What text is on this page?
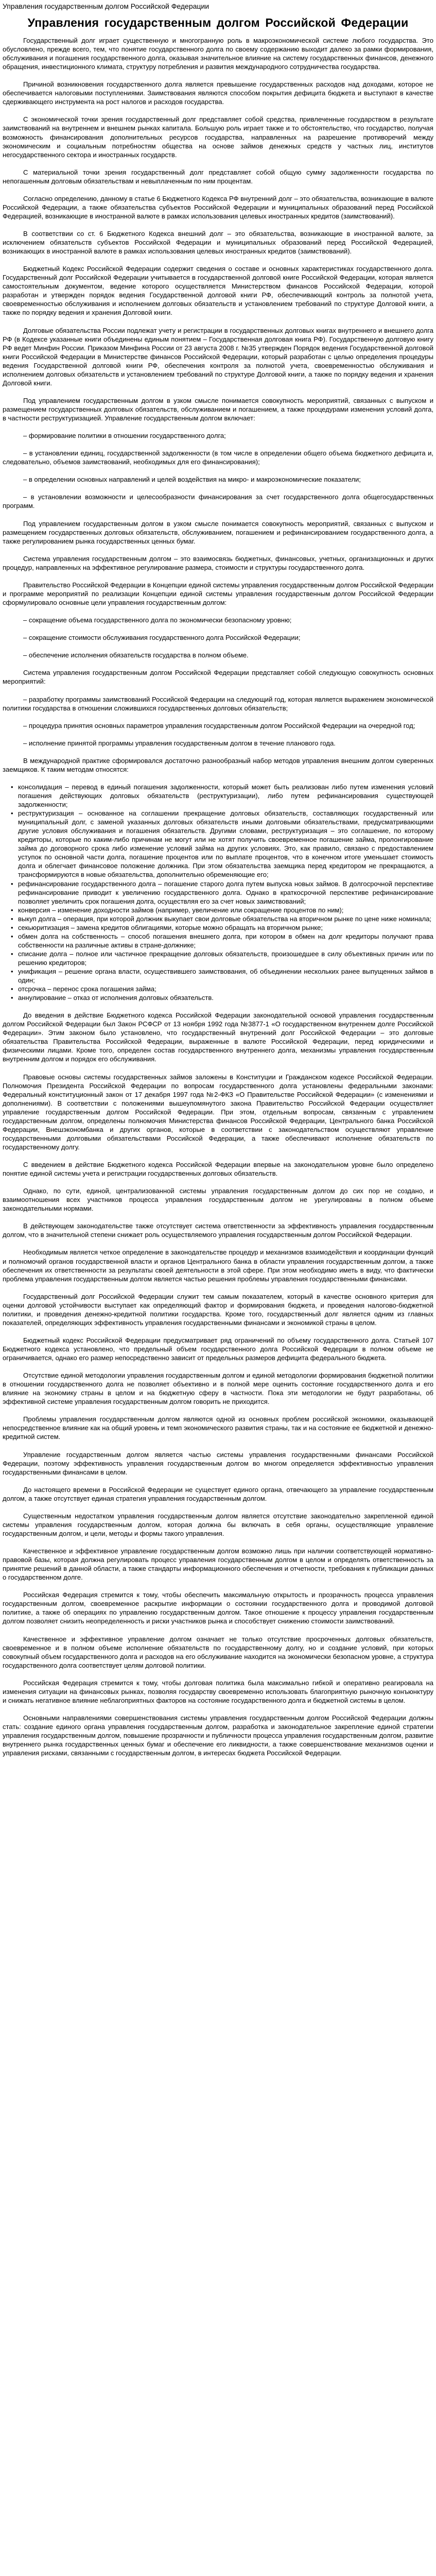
Управления государственным долгом Российской Федерации
Управления государственным долгом Российской Федерации

Государственный долг играет существенную и многогранную роль в макроэкономической системе любого государства. Это обусловлено, прежде всего, тем, что понятие государственного долга по своему содержанию выходит далеко за рамки формирования, обслуживания и погашения государственного долга, оказывая значительное влияние на систему государственных финансов, денежного обращения, инвестиционного климата, структуру потребления и развития международного сотрудничества государства.

Причиной возникновения государственного долга является превышение государственных расходов над доходами, которое не обеспечивается налоговыми поступлениями. Заимствования являются способом покрытия дефицита бюджета и выступают в качестве сдерживающего инструмента на рост налогов и расходов государства.

С экономической точки зрения государственный долг представляет собой средства, привлеченные государством в результате заимствований на внутреннем и внешнем рынках капитала. Большую роль играет также и то обстоятельство, что государство, получая возможность финансирования дополнительных ресурсов государства, направленных на разрешение противоречий между экономическим и социальным потребностям общества на основе займов денежных средств у частных лиц, институтов негосударственного сектора и иностранных государств.

С материальной точки зрения государственный долг представляет собой общую сумму задолженности государства по непогашенным долговым обязательствам и невыплаченным по ним процентам.

Согласно определению, данному в статье 6 Бюджетного Кодекса РФ внутренний долг – это обязательства, возникающие в валюте Российской Федерации, а также обязательства субъектов Российской Федерации и муниципальных образований перед Российской Федерацией, возникающие в иностранной валюте в рамках использования целевых иностранных кредитов (заимствований).

В соответствии со ст. 6 Бюджетного Кодекса внешний долг – это обязательства, возникающие в иностранной валюте, за исключением обязательств субъектов Российской Федерации и муниципальных образований перед Российской Федерацией, возникающих в иностранной валюте в рамках использования целевых иностранных кредитов (заимствований).

Бюджетный Кодекс Российской Федерации содержит сведения о составе и основных характеристиках государственного долга. Государственный долг Российской Федерации учитывается в государственной долговой книге Российской Федерации, которая является самостоятельным документом, ведение которого осуществляется Министерством финансов Российской Федерации, которой разработан и утвержден порядок ведения Государственной долговой книги РФ, обеспечивающий контроль за полнотой учета, своевременностью обслуживания и исполнением долговых обязательств и установлением требований по структуре Долговой книги, а также по порядку ведения и хранения Долговой книги.

Долговые обязательства России подлежат учету и регистрации в государственных долговых книгах внутреннего и внешнего долга РФ (в Кодексе указанные книги объединены единым понятием – Государственная долговая книга РФ). Государственную долговую книгу РФ ведет Минфин России. Приказом Минфина России от 23 августа 2008 г. №35 утвержден Порядок ведения Государственной долговой книги Российской Федерации в Министерстве финансов Российской Федерации, который разработан с целью определения процедуры ведения Государственной долговой книги РФ, обеспечения контроля за полнотой учета, своевременностью обслуживания и исполнением долговых обязательств и установлением требований по структуре Долговой книги, а также по порядку ведения и хранения Долговой книги.

Под управлением государственным долгом в узком смысле понимается совокупность мероприятий, связанных с выпуском и размещением государственных долговых обязательств, обслуживанием и погашением, а также процедурами изменения условий долга, в частности реструктуризацией. Управление государственным долгом включает:

– формирование политики в отношении государственного долга;

– в установлении единиц, государственной задолженности (в том числе в определении общего объема бюджетного дефицита и, следовательно, объемов заимствований, необходимых для его финансирования);

– в определении основных направлений и целей воздействия на микро- и макроэкономические показатели;

– в установлении возможности и целесообразности финансирования за счет государственного долга общегосударственных программ.

Под управлением государственным долгом в узком смысле понимается совокупность мероприятий, связанных с выпуском и размещением государственных долговых обязательств, обслуживанием, погашением и рефинансированием государственного долга, а также регулированием рынка государственных ценных бумаг.

Система управления государственным долгом – это взаимосвязь бюджетных, финансовых, учетных, организационных и других процедур, направленных на эффективное регулирование размера, стоимости и структуры государственного долга.

Правительство Российской Федерации в Концепции единой системы управления государственным долгом Российской Федерации и программе мероприятий по реализации Концепции единой системы управления государственным долгом Российской Федерации сформулировало основные цели управления государственным долгом:

– сокращение объема государственного долга по экономически безопасному уровню;

– сокращение стоимости обслуживания государственного долга Российской Федерации;

– обеспечение исполнения обязательств государства в полном объеме.

Система управления государственным долгом Российской Федерации представляет собой следующую совокупность основных мероприятий:

– разработку программы заимствований Российской Федерации на следующий год, которая является выражением экономической политики государства в отношении сложившихся государственных долговых обязательств;

– процедура принятия основных параметров управления государственным долгом Российской Федерации на очередной год;

– исполнение принятой программы управления государственным долгом в течение планового года.

В международной практике сформировался достаточно разнообразный набор методов управления внешним долгом суверенных заемщиков. К таким методам относятся:

• консолидация – перевод в единый погашения задолженности, который может быть реализован либо путем изменения условий погашения действующих долговых обязательств (реструктуризации), либо путем рефинансирования существующей задолженности;
• реструктуризация – основанное на соглашении прекращение долговых обязательств, составляющих государственный или муниципальный долг, с заменой указанных долговых обязательств иными долговыми обязательствами, предусматривающими другие условия обслуживания и погашения обязательств. Другими словами, реструктуризация – это соглашение, по которому кредиторы, которые по каким-либо причинам не могут или не хотят получить своевременное погашение займа, пролонгирование займа до договорного срока либо изменение условий займа на других условиях. Это, как правило, связано с предоставлением уступок по основной части долга, погашение процентов или по выплате процентов, что в конечном итоге уменьшает стоимость долга и облегчает финансовое положение должника. При этом обязательства заемщика перед кредитором не прекращаются, а трансформируются в новые обязательства, дополнительно обременяющие его;
• рефинансирование государственного долга – погашение старого долга путем выпуска новых займов. В долгосрочной перспективе рефинансирование приводит к увеличению государственного долга. Однако в краткосрочной перспективе рефинансирование позволяет увеличить срок погашения долга, осуществляя его за счет новых заимствований;
• конверсия – изменение доходности займов (например, увеличение или сокращение процентов по ним);
• выкуп долга – операция, при которой должник выкупает свои долговые обязательства на вторичном рынке по цене ниже номинала;
• секьюритизация – замена кредитов облигациями, которые можно обращать на вторичном рынке;
• обмен долга на собственность – способ погашения внешнего долга, при котором в обмен на долг кредиторы получают права собственности на различные активы в стране-должнике;
• списание долга – полное или частичное прекращение долговых обязательств, произошедшее в силу объективных причин или по решению кредиторов;
• унификация – решение органа власти, осуществившего заимствования, об объединении нескольких ранее выпущенных займов в один;
• отсрочка – перенос срока погашения займа;
• аннулирование – отказ от исполнения долговых обязательств.

До введения в действие Бюджетного кодекса Российской Федерации законодательной основой управления государственным долгом Российской Федерации был Закон РСФСР от 13 ноября 1992 года №3877-1 «О государственном внутреннем долге Российской Федерации». Этим законом было установлено, что государственный внутренний долг Российской Федерации – это долговые обязательства Правительства Российской Федерации, выраженные в валюте Российской Федерации, перед юридическими и физическими лицами. Кроме того, определен состав государственного внутреннего долга, механизмы управления государственным внутренним долгом и порядок его обслуживания.

Правовые основы системы государственных займов заложены в Конституции и Гражданском кодексе Российской Федерации. Полномочия Президента Российской Федерации по вопросам государственного долга установлены федеральными законами: Федеральный конституционный закон от 17 декабря 1997 года №2-ФКЗ «О Правительстве Российской Федерации» (с изменениями и дополнениями). В соответствии с положениями вышеупомянутого закона Правительство Российской Федерации осуществляет управление государственным долгом Российской Федерации. При этом, отдельным вопросам, связанным с управлением государственным долгом, определены полномочия Министерства финансов Российской Федерации, Центрального банка Российской Федерации, Внешэкономбанка и других органов, которые в соответствии с законодательством осуществляют управление государственными долговыми обязательствами Российской Федерации, а также обеспечивают исполнение обязательств по государственному долгу.

С введением в действие Бюджетного кодекса Российской Федерации впервые на законодательном уровне было определено понятие единой системы учета и регистрации государственных долговых обязательств.

Однако, по сути, единой, централизованной системы управления государственным долгом до сих пор не создано, и взаимоотношения всех участников процесса управления государственным долгом не урегулированы в полном объеме законодательными нормами.

В действующем законодательстве также отсутствует система ответственности за эффективность управления государственным долгом, что в значительной степени снижает роль осуществляемого управления государственным долгом Российской Федерации.

Необходимым является четкое определение в законодательстве процедур и механизмов взаимодействия и координации функций и полномочий органов государственной власти и органов Центрального банка в области управления государственным долгом, а также обеспечения их ответственности за результаты своей деятельности в этой сфере. При этом необходимо иметь в виду, что фактически проблема управления государственным долгом является частью решения проблемы управления государственными финансами.

Государственный долг Российской Федерации служит тем самым показателем, который в качестве основного критерия для оценки долговой устойчивости выступает как определяющий фактор и формирования бюджета, и проведения налогово-бюджетной политики, и проведения денежно-кредитной политики государства. Кроме того, государственный долг является одним из главных показателей, определяющих эффективность управления государственными финансами и экономикой страны в целом.

Бюджетный кодекс Российской Федерации предусматривает ряд ограничений по объему государственного долга. Статьей 107 Бюджетного кодекса установлено, что предельный объем государственного долга Российской Федерации в полном объеме не ограничивается, однако его размер непосредственно зависит от предельных размеров дефицита федерального бюджета.

Отсутствие единой методологии управления государственным долгом и единой методологии формирования бюджетной политики в отношении государственного долга не позволяет объективно и в полной мере оценить состояние государственного долга и его влияние на экономику страны в целом и на бюджетную сферу в частности. Пока эти методологии не будут разработаны, об эффективной системе управления государственным долгом говорить не приходится.

Проблемы управления государственным долгом являются одной из основных проблем российской экономики, оказывающей непосредственное влияние как на общий уровень и темп экономического развития страны, так и на состояние ее бюджетной и денежно-кредитной систем.

Управление государственным долгом является частью системы управления государственными финансами Российской Федерации, поэтому эффективность управления государственным долгом во многом определяется эффективностью управления государственными финансами в целом.

До настоящего времени в Российской Федерации не существует единого органа, отвечающего за управление государственным долгом, а также отсутствует единая стратегия управления государственным долгом.

Существенным недостатком управления государственным долгом является отсутствие законодательно закрепленной единой системы управления государственным долгом, которая должна бы включать в себя органы, осуществляющие управление государственным долгом, и цели, методы и формы такого управления.

Качественное и эффективное управление государственным долгом возможно лишь при наличии соответствующей нормативно-правовой базы, которая должна регулировать процесс управления государственным долгом в целом и определять ответственность за принятие решений в данной области, а также стандарты информационного обеспечения и отчетности, требования к публикации данных о государственном долге.

Российская Федерация стремится к тому, чтобы обеспечить максимальную открытость и прозрачность процесса управления государственным долгом, своевременное раскрытие информации о состоянии государственного долга и проводимой долговой политике, а также об операциях по управлению государственным долгом. Такое отношение к процессу управления государственным долгом позволяет снизить неопределенность и риски участников рынка и способствует снижению стоимости заимствований.

Качественное и эффективное управление долгом означает не только отсутствие просроченных долговых обязательств, своевременное и в полном объеме исполнение обязательств по государственному долгу, но и создание условий, при которых совокупный объем государственного долга и расходов на его обслуживание находится на экономически безопасном уровне, а структура государственного долга соответствует целям долговой политики.

Российская Федерация стремится к тому, чтобы долговая политика была максимально гибкой и оперативно реагировала на изменения ситуации на финансовых рынках, позволяя государству своевременно использовать благоприятную рыночную конъюнктуру и снижать негативное влияние неблагоприятных факторов на состояние государственного долга и бюджетной системы в целом.

Основными направлениями совершенствования системы управления государственным долгом Российской Федерации должны стать: создание единого органа управления государственным долгом, разработка и законодательное закрепление единой стратегии управления государственным долгом, повышение прозрачности и публичности процесса управления государственным долгом, развитие внутреннего рынка государственных ценных бумаг и обеспечение его ликвидности, а также совершенствование механизмов оценки и управления рисками, связанными с государственным долгом, в интересах бюджета Российской Федерации.
